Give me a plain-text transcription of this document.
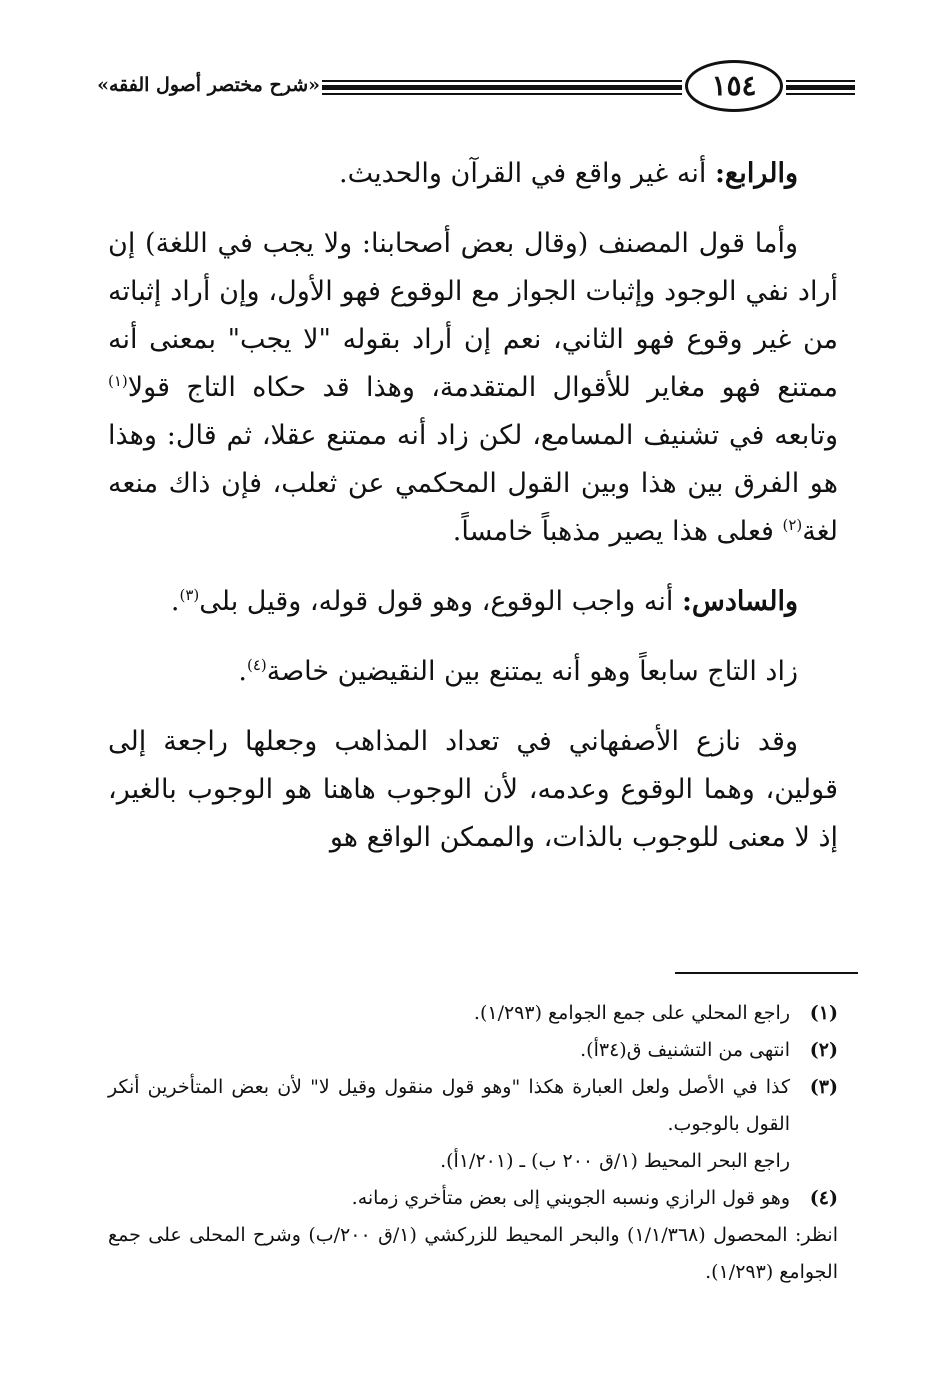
«شرح مختصر أصول الفقه»	١٥٤

والرابع: أنه غير واقع في القرآن والحديث.

وأما قول المصنف (وقال بعض أصحابنا: ولا يجب في اللغة) إن أراد نفي الوجود وإثبات الجواز مع الوقوع فهو الأول، وإن أراد إثباته من غير وقوع فهو الثاني، نعم إن أراد بقوله "لا يجب" بمعنى أنه ممتنع فهو مغاير للأقوال المتقدمة، وهذا قد حكاه التاج قولا$^{(١)}$ وتابعه في تشنيف المسامع، لكن زاد أنه ممتنع عقلا، ثم قال: وهذا هو الفرق بين هذا وبين القول المحكمي عن ثعلب، فإن ذاك منعه لغة$^{(٢)}$ فعلى هذا يصير مذهباً خامساً.

والسادس: أنه واجب الوقوع، وهو قول قوله، وقيل بلى$^{(٣)}$.

زاد التاج سابعاً وهو أنه يمتنع بين النقيضين خاصة$^{(٤)}$.

وقد نازع الأصفهاني في تعداد المذاهب وجعلها راجعة إلى قولين، وهما الوقوع وعدمه، لأن الوجوب هاهنا هو الوجوب بالغير، إذ لا معنى للوجوب بالذات، والممكن الواقع هو

(١)
راجع المحلي على جمع الجوامع (١/٢٩٣).

(٢)
انتهى من التشنيف ق(٣٤أ).

(٣)
كذا في الأصل ولعل العبارة هكذا "وهو قول منقول وقيل لا" لأن بعض المتأخرين أنكر القول بالوجوب.

راجع البحر المحيط (١/ق ٢٠٠ ب) ـ (١/٢٠١أ).

(٤)
وهو قول الرازي ونسبه الجويني إلى بعض متأخري زمانه.

انظر: المحصول (١/١/٣٦٨) والبحر المحيط للزركشي (١/ق ٢٠٠/ب) وشرح المحلى على جمع الجوامع (١/٢٩٣).
